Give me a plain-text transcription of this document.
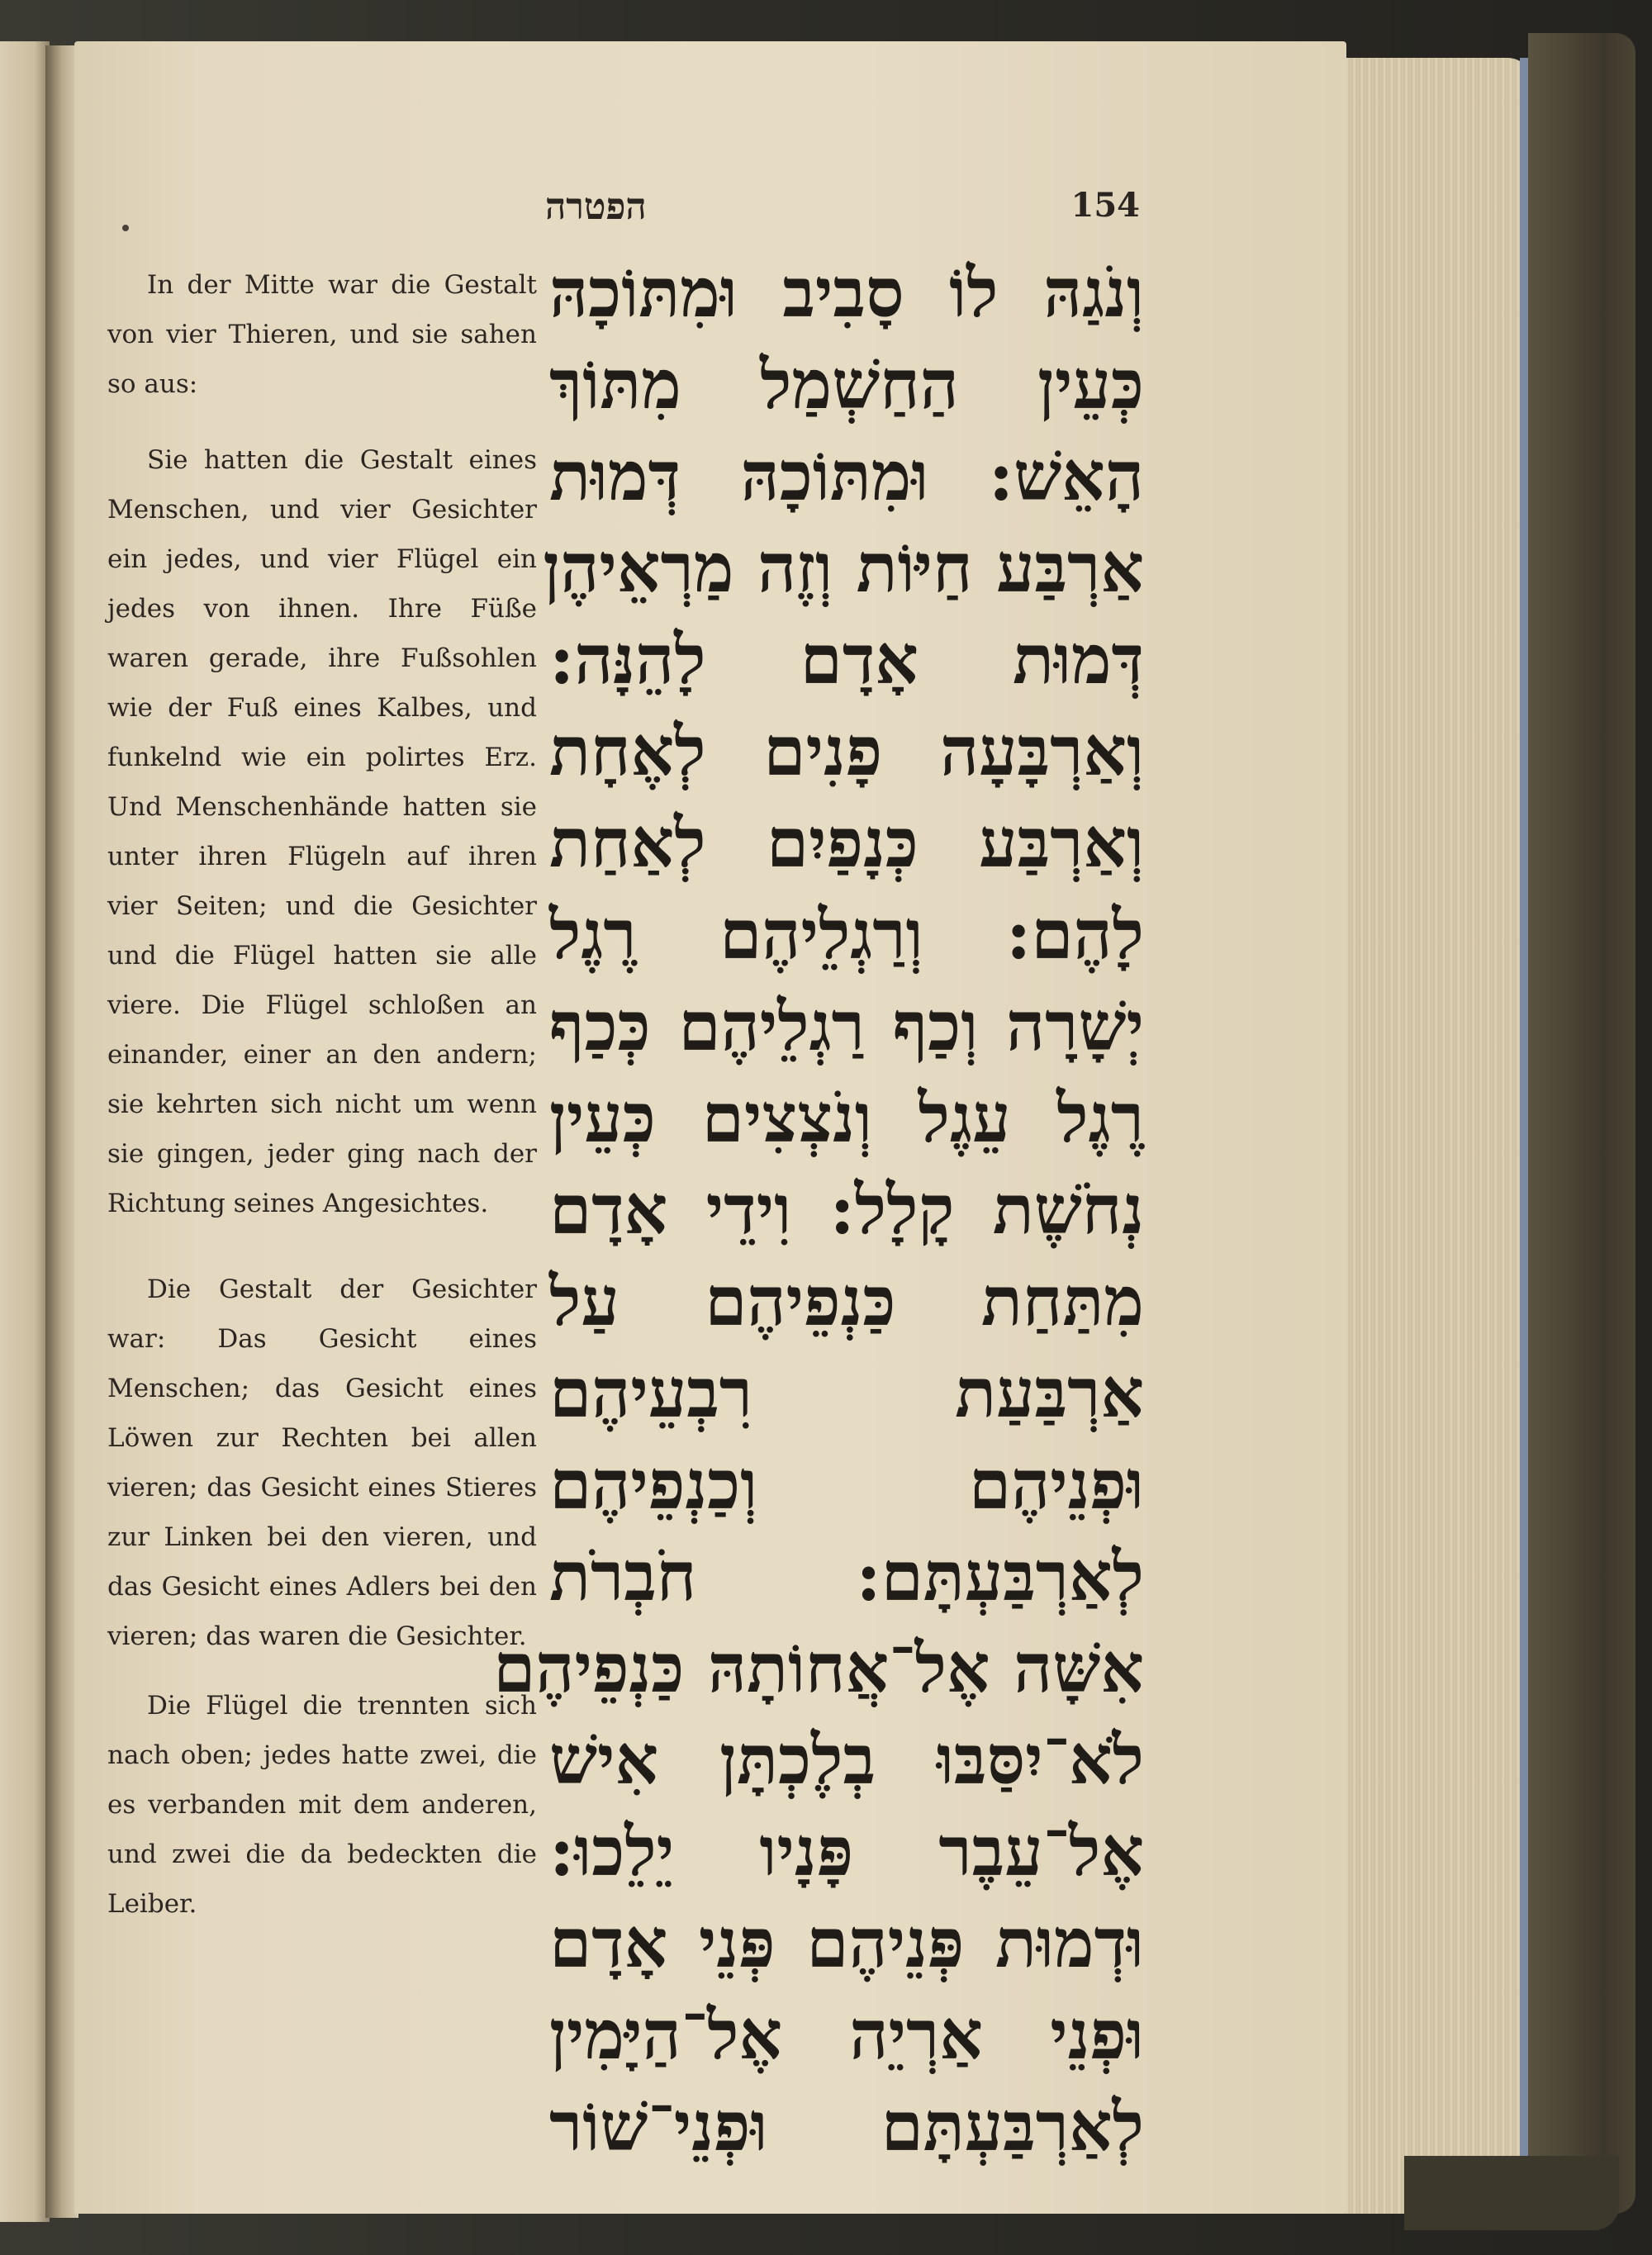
הפטרה	154

In der Mitte war die Gestalt von vier Thieren, und sie sahen so aus:

Sie hatten die Gestalt eines Menschen, und vier Gesichter ein jedes, und vier Flügel ein jedes von ihnen. Ihre Füße waren gerade, ihre Fußsohlen wie der Fuß eines Kalbes, und funkelnd wie ein polirtes Erz. Und Menschenhände hatten sie unter ihren Flügeln auf ihren vier Seiten; und die Gesichter und die Flügel hatten sie alle viere. Die Flügel schloßen an einander, einer an den andern; sie kehrten sich nicht um wenn sie gingen, jeder ging nach der Richtung seines Angesichtes.

Die Gestalt der Gesichter war: Das Gesicht eines Menschen; das Gesicht eines Löwen zur Rechten bei allen vieren; das Gesicht eines Stieres zur Linken bei den vieren, und das Gesicht eines Adlers bei den vieren; das waren die Gesichter.

Die Flügel die trennten sich nach oben; jedes hatte zwei, die es verbanden mit dem anderen, und zwei die da bedeckten die Leiber.

וְנֹגַהּ לוֹ סָבִיב וּמִתּוֹכָהּ
כְּעֵין הַחַשְׁמַל מִתּוֹךְ
הָאֵשׁ: וּמִתּוֹכָהּ דְּמוּת
אַרְבַּע חַיּוֹת וְזֶה מַרְאֵיהֶן
דְּמוּת אָדָם לָהֵנָּה:
וְאַרְבָּעָה פָנִים לְאֶחָת
וְאַרְבַּע כְּנָפַיִם לְאַחַת
לָהֶם: וְרַגְלֵיהֶם רֶגֶל
יְשָׁרָה וְכַף רַגְלֵיהֶם כְּכַף
רֶגֶל עֵגֶל וְנֹצְצִים כְּעֵין
נְחֹשֶׁת קָלָל: וִידֵי אָדָם
מִתַּחַת כַּנְפֵיהֶם עַל
אַרְבַּעַת רִבְעֵיהֶם
וּפְנֵיהֶם וְכַנְפֵיהֶם
לְאַרְבַּעְתָּם: חֹבְרֹת
אִשָּׁה אֶל־אֲחוֹתָהּ כַּנְפֵיהֶם
לֹא־יִסַּבּוּ בְלֶכְתָּן אִישׁ
אֶל־עֵבֶר פָּנָיו יֵלֵכוּ:
וּדְמוּת פְּנֵיהֶם פְּנֵי אָדָם
וּפְנֵי אַרְיֵה אֶל־הַיָּמִין
לְאַרְבַּעְתָּם וּפְנֵי־שׁוֹר
